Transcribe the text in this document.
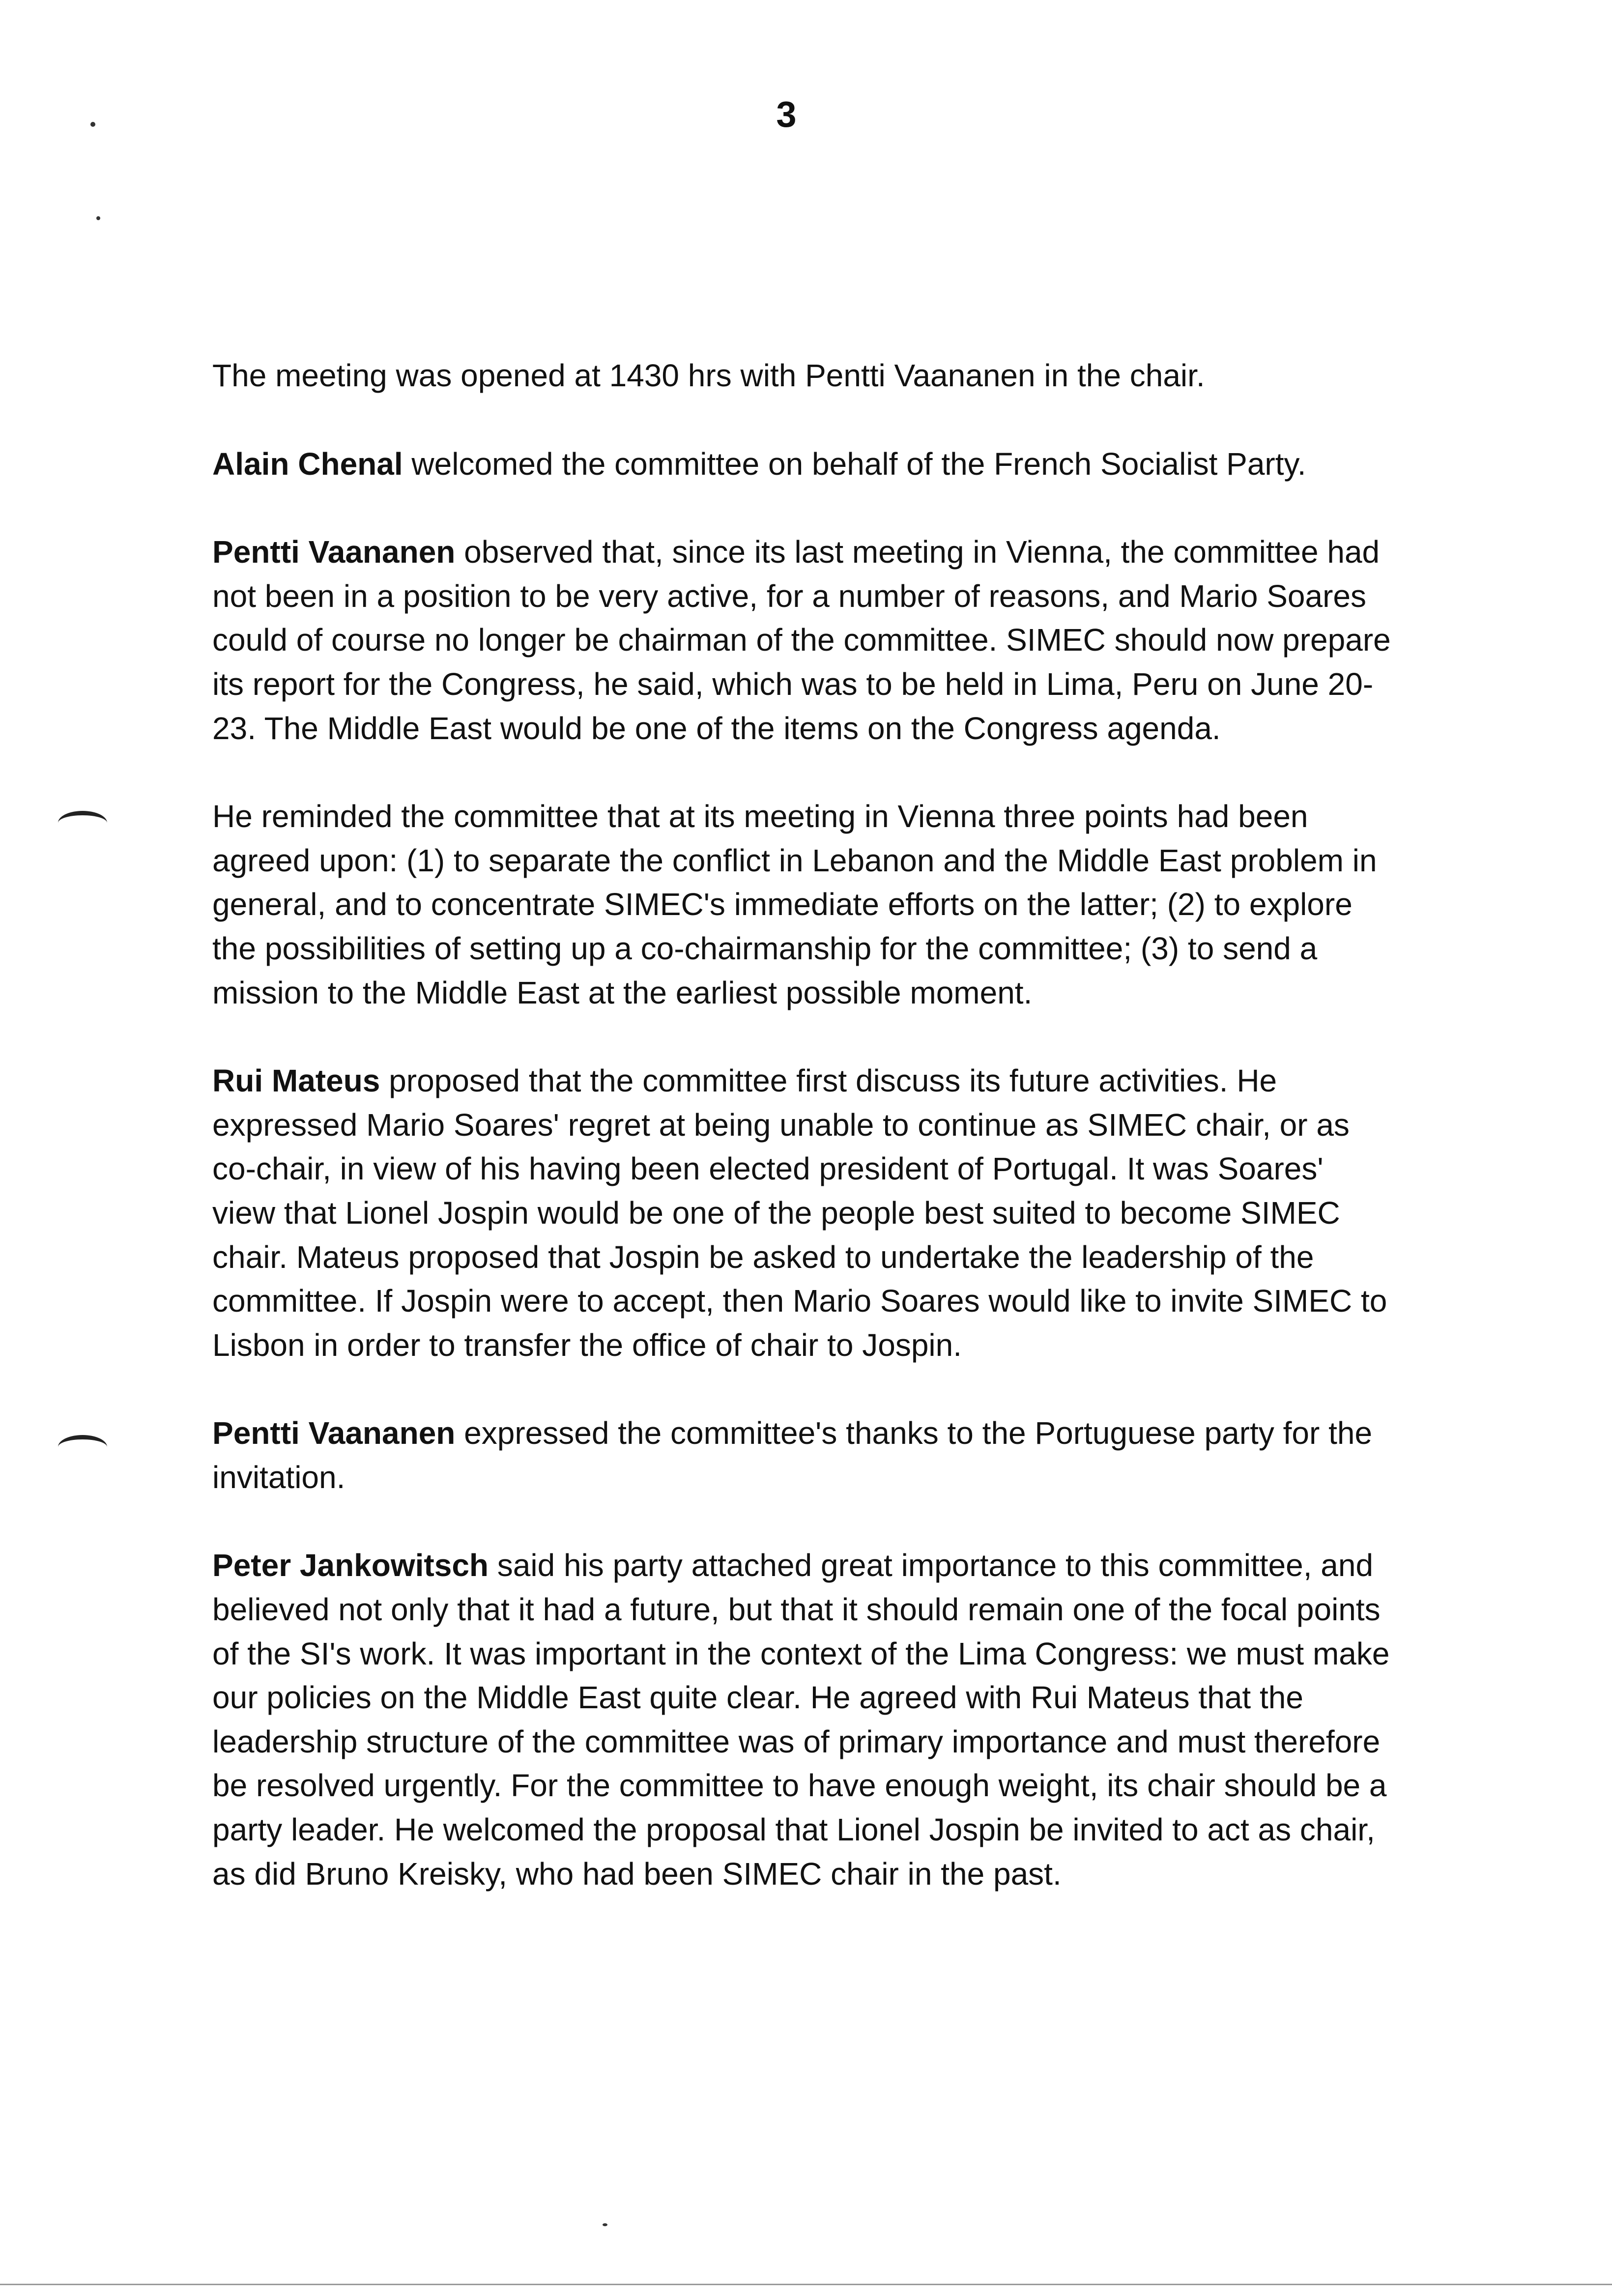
3

The meeting was opened at 1430 hrs with Pentti Vaananen in the chair.

Alain Chenal welcomed the committee on behalf of the French Socialist Party.

Pentti Vaananen observed that, since its last meeting in Vienna, the committee had not been in a position to be very active, for a number of reasons, and Mario Soares could of course no longer be chairman of the committee. SIMEC should now prepare its report for the Congress, he said, which was to be held in Lima, Peru on June 20-23. The Middle East would be one of the items on the Congress agenda.

He reminded the committee that at its meeting in Vienna three points had been agreed upon: (1) to separate the conflict in Lebanon and the Middle East problem in general, and to concentrate SIMEC's immediate efforts on the latter; (2) to explore the possibilities of setting up a co-chairmanship for the committee; (3) to send a mission to the Middle East at the earliest possible moment.

Rui Mateus proposed that the committee first discuss its future activities. He expressed Mario Soares' regret at being unable to continue as SIMEC chair, or as co-chair, in view of his having been elected president of Portugal. It was Soares' view that Lionel Jospin would be one of the people best suited to become SIMEC chair. Mateus proposed that Jospin be asked to undertake the leadership of the committee. If Jospin were to accept, then Mario Soares would like to invite SIMEC to Lisbon in order to transfer the office of chair to Jospin.

Pentti Vaananen expressed the committee's thanks to the Portuguese party for the invitation.

Peter Jankowitsch said his party attached great importance to this committee, and believed not only that it had a future, but that it should remain one of the focal points of the SI's work. It was important in the context of the Lima Congress: we must make our policies on the Middle East quite clear. He agreed with Rui Mateus that the leadership structure of the committee was of primary importance and must therefore be resolved urgently. For the committee to have enough weight, its chair should be a party leader. He welcomed the proposal that Lionel Jospin be invited to act as chair, as did Bruno Kreisky, who had been SIMEC chair in the past.
